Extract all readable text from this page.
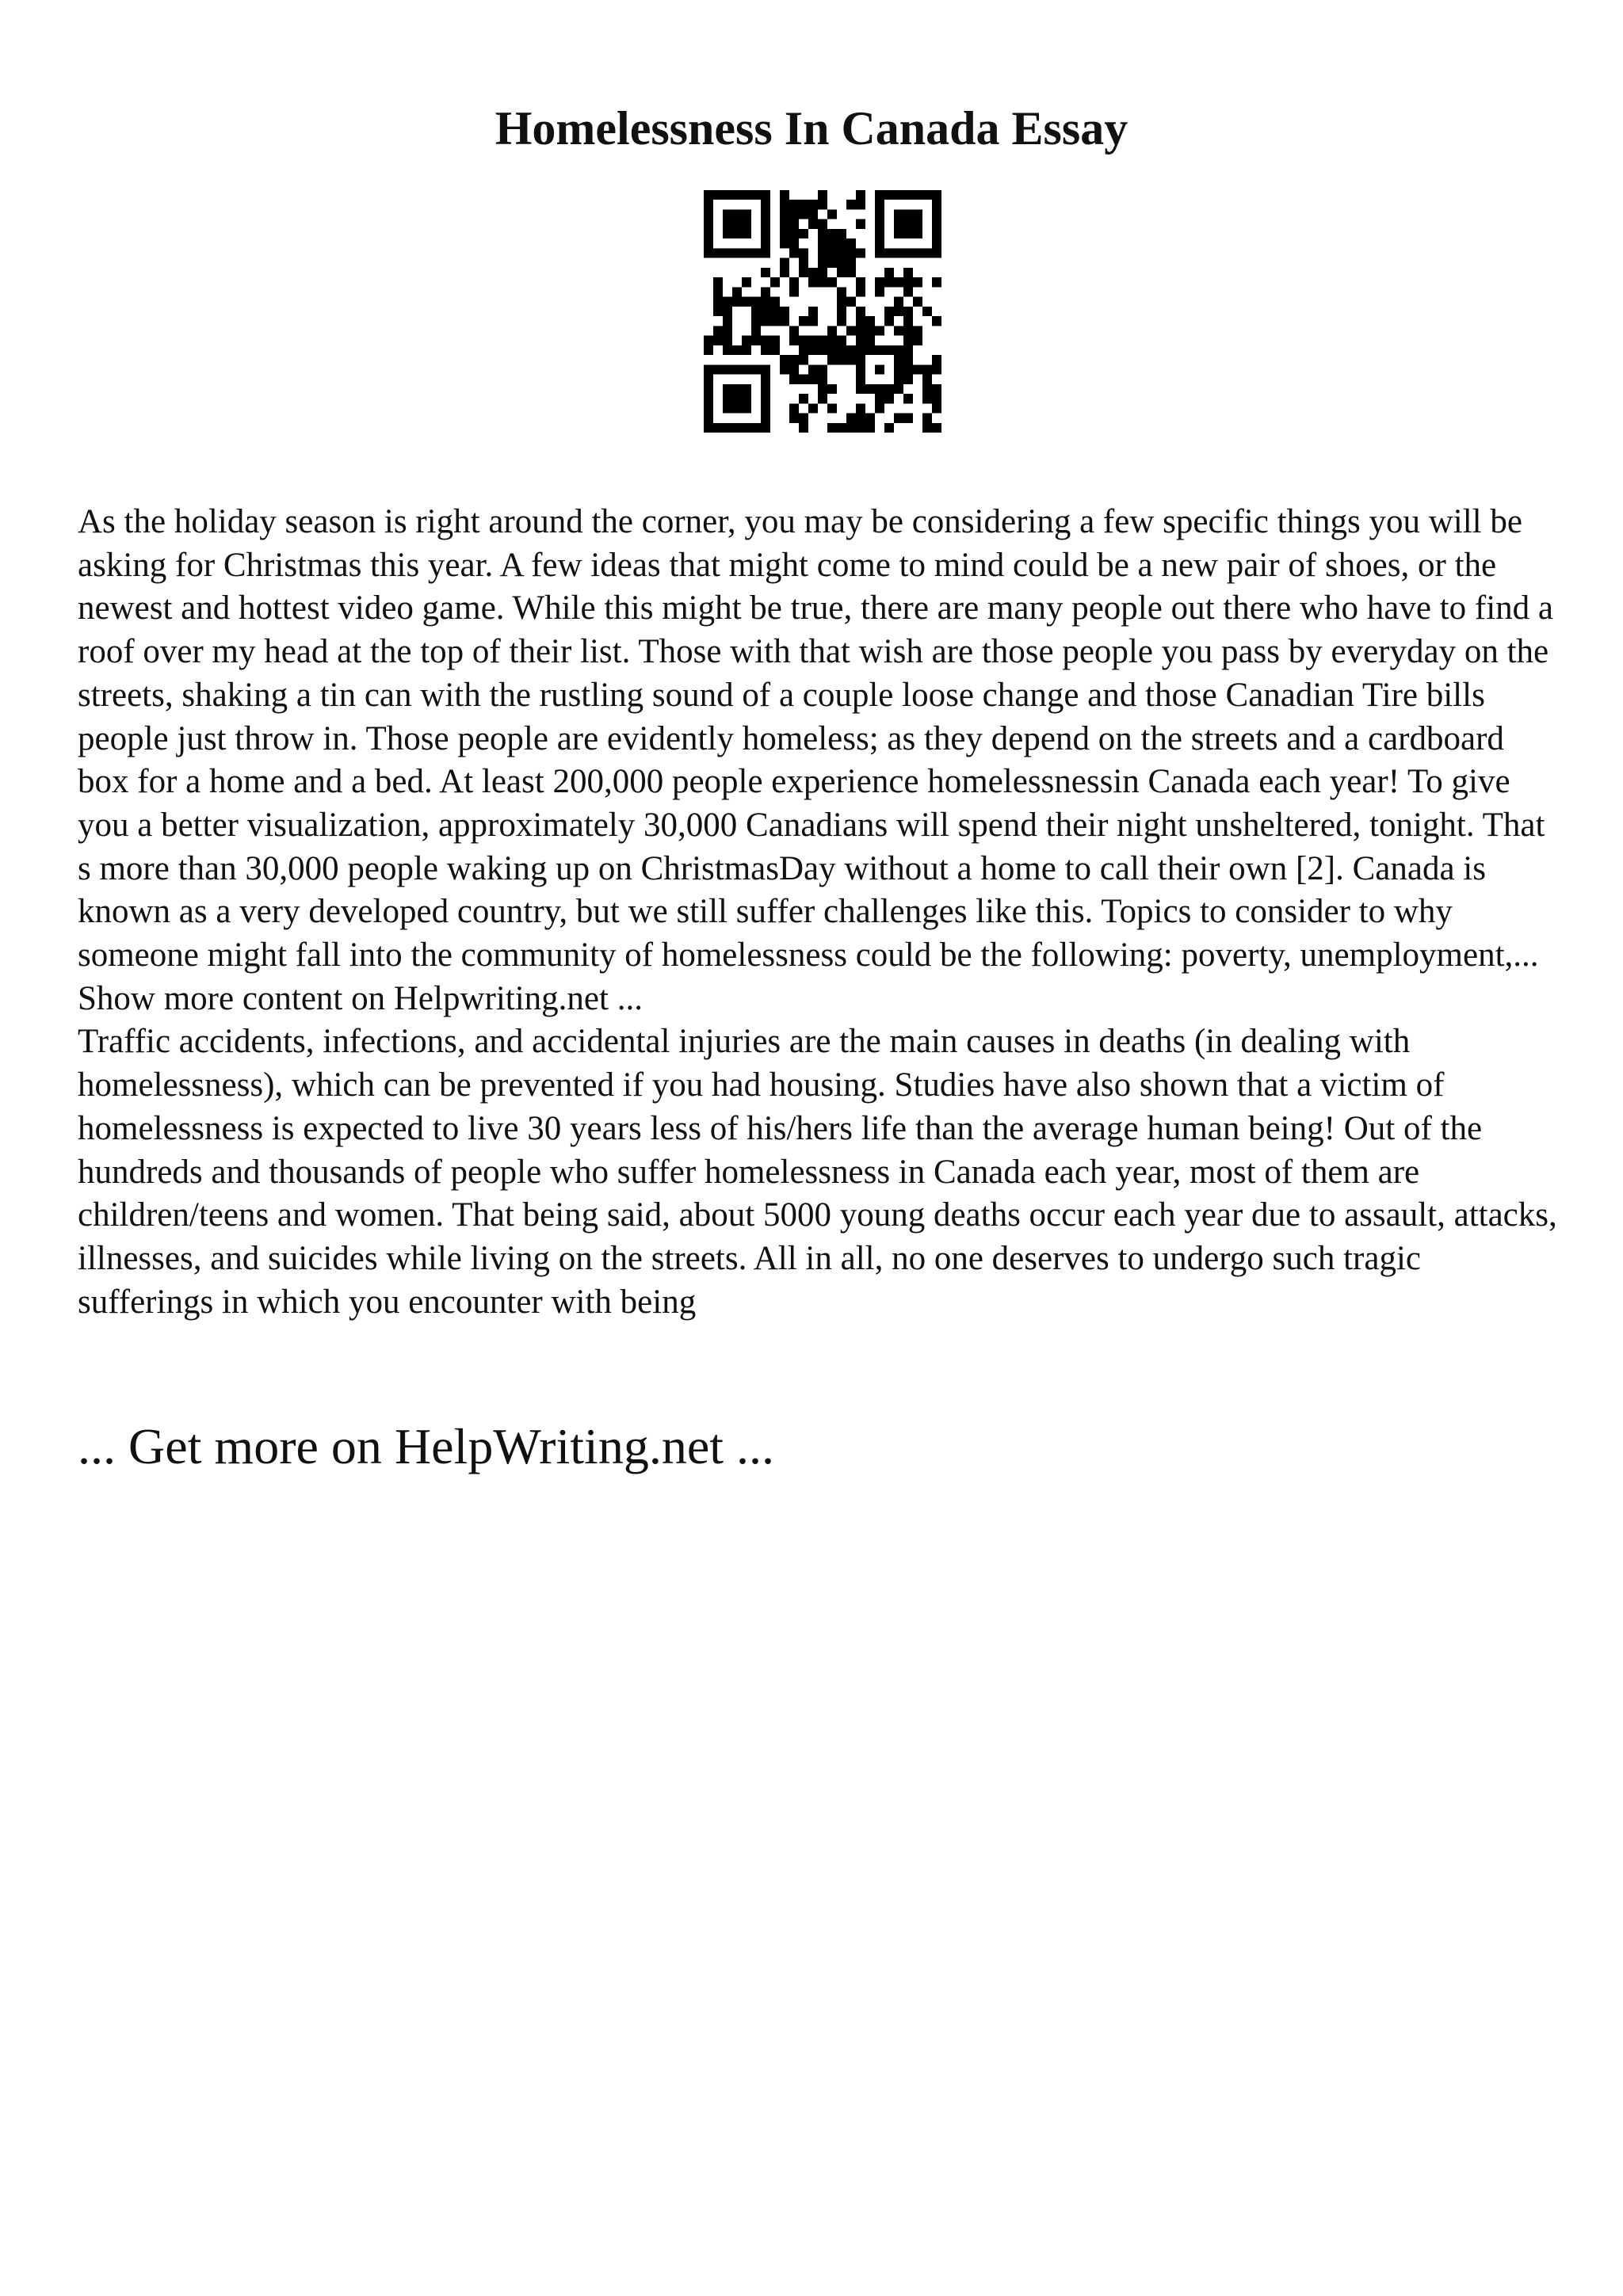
Homelessness In Canada Essay

As the holiday season is right around the corner, you may be considering a few specific things you will be asking for Christmas this year. A few ideas that might come to mind could be a new pair of shoes, or the newest and hottest video game. While this might be true, there are many people out there who have to find a roof over my head at the top of their list. Those with that wish are those people you pass by everyday on the streets, shaking a tin can with the rustling sound of a couple loose change and those Canadian Tire bills people just throw in. Those people are evidently homeless; as they depend on the streets and a cardboard box for a home and a bed. At least 200,000 people experience homelessnessin Canada each year! To give you a better visualization, approximately 30,000 Canadians will spend their night unsheltered, tonight. That s more than 30,000 people waking up on ChristmasDay without a home to call their own [2]. Canada is known as a very developed country, but we still suffer challenges like this. Topics to consider to why someone might fall into the community of homelessness could be the following: poverty, unemployment,... Show more content on Helpwriting.net ...

Traffic accidents, infections, and accidental injuries are the main causes in deaths (in dealing with homelessness), which can be prevented if you had housing. Studies have also shown that a victim of homelessness is expected to live 30 years less of his/hers life than the average human being! Out of the hundreds and thousands of people who suffer homelessness in Canada each year, most of them are children/teens and women. That being said, about 5000 young deaths occur each year due to assault, attacks, illnesses, and suicides while living on the streets. All in all, no one deserves to undergo such tragic sufferings in which you encounter with being

... Get more on HelpWriting.net ...
